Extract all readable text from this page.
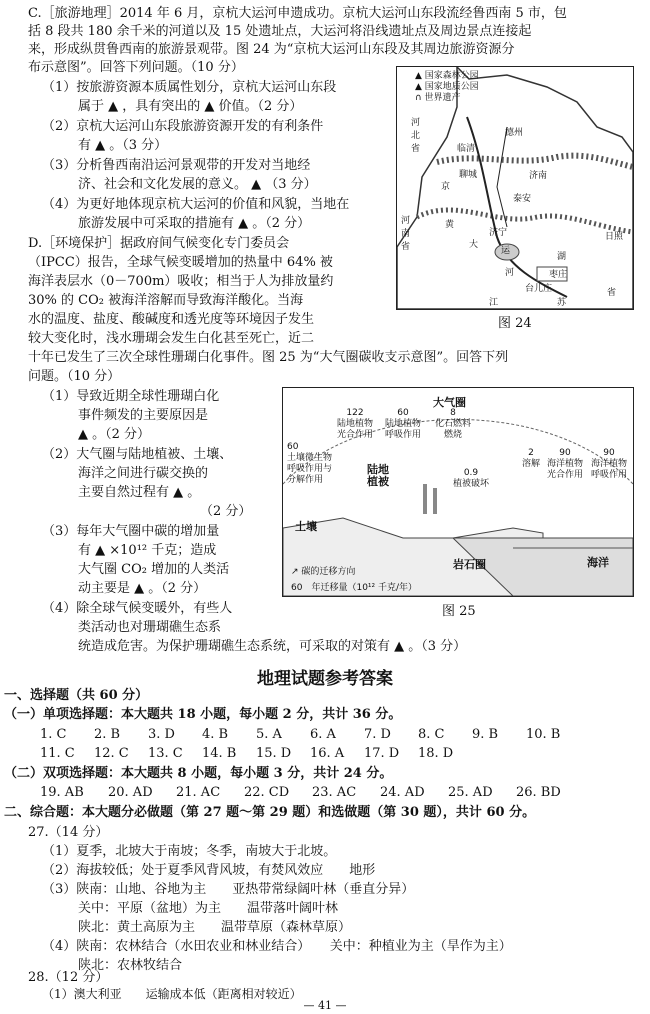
C.［旅游地理］2014 年 6 月，京杭大运河申遗成功。京杭大运河山东段流经鲁西南 5 市，包
括 8 段共 180 余千米的河道以及 15 处遗址点，大运河将沿线遗址点及周边景点连接起
来，形成纵贯鲁西南的旅游景观带。图 24 为“京杭大运河山东段及其周边旅游资源分
布示意图”。回答下列问题。（10 分）
（1）按旅游资源本质属性划分，京杭大运河山东段
属于 ▲ ，具有突出的 ▲ 价值。（2 分）
（2）京杭大运河山东段旅游资源开发的有利条件
有 ▲ 。（3 分）
（3）分析鲁西南沿运河景观带的开发对当地经
济、社会和文化发展的意义。 ▲ （3 分）
（4）为更好地体现京杭大运河的价值和风貌，当地在
旅游发展中可采取的措施有 ▲ 。（2 分）
▲ 国家森林公园
▲ 国家地质公园
∩ 世界遗产
河北省
河南省
德州
临清
聊城	济南
泰安
济宁
枣庄
台儿庄
日照
江	苏
省
京
大
运
河
黄
湖
图 24
D.［环境保护］据政府间气候变化专门委员会
（IPCC）报告，全球气候变暖增加的热量中 64% 被
海洋表层水（0－700m）吸收；相当于人为排放量约
30% 的 CO₂ 被海洋溶解而导致海洋酸化。当海
水的温度、盐度、酸碱度和透光度等环境因子发生
较大变化时，浅水珊瑚会发生白化甚至死亡，近二
十年已发生了三次全球性珊瑚白化事件。图 25 为“大气圈碳收支示意图”。回答下列
问题。（10 分）
（1）导致近期全球性珊瑚白化
事件频发的主要原因是
▲ 。（2 分）
（2）大气圈与陆地植被、土壤、
海洋之间进行碳交换的
主要自然过程有 ▲ 。
（2 分）
（3）每年大气圈中碳的增加量
有 ▲ ×10¹² 千克；造成
大气圈 CO₂ 增加的人类活
动主要是 ▲ 。（2 分）
（4）除全球气候变暖外，有些人
类活动也对珊瑚礁生态系
统造成危害。为保护珊瑚礁生态系统，可采取的对策有 ▲ 。（3 分）
大气圈
122
陆地植物光合作用
60
陆地植物呼吸作用
8
化石燃料燃烧
60
土壤微生物呼吸作用与分解作用
0.9
植被破坏
2
溶解
90
海洋植物光合作用
90
海洋植物呼吸作用
陆地植被
土壤
岩石圈	海洋
↗ 碳的迁移方向
60　 年迁移量（10¹² 千克/年）
图 25
地理试题参考答案
一、选择题（共 60 分）
（一）单项选择题：本大题共 18 小题，每小题 2 分，共计 36 分。
1. C 2. B 3. D 4. B 5. A 6. A 7. D 8. C 9. B 10. B
11. C 12. C 13. C 14. B 15. D 16. A 17. D 18. D
（二）双项选择题：本大题共 8 小题，每小题 3 分，共计 24 分。
19. AB 20. AD 21. AC 22. CD 23. AC 24. AD 25. AD 26. BD
二、综合题：本大题分必做题（第 27 题～第 29 题）和选做题（第 30 题），共计 60 分。
27.（14 分）
（1）夏季，北坡大于南坡；冬季，南坡大于北坡。
（2）海拔较低；处于夏季风背风坡，有焚风效应　　地形
（3）陕南：山地、谷地为主　　亚热带常绿阔叶林（垂直分异）
关中：平原（盆地）为主　　温带落叶阔叶林
陕北：黄土高原为主　　温带草原（森林草原）
（4）陕南：农林结合（水田农业和林业结合）　　关中：种植业为主（旱作为主）
陕北：农林牧结合
28.（12 分）
（1）澳大利亚　　运输成本低（距离相对较近）
— 41 —
